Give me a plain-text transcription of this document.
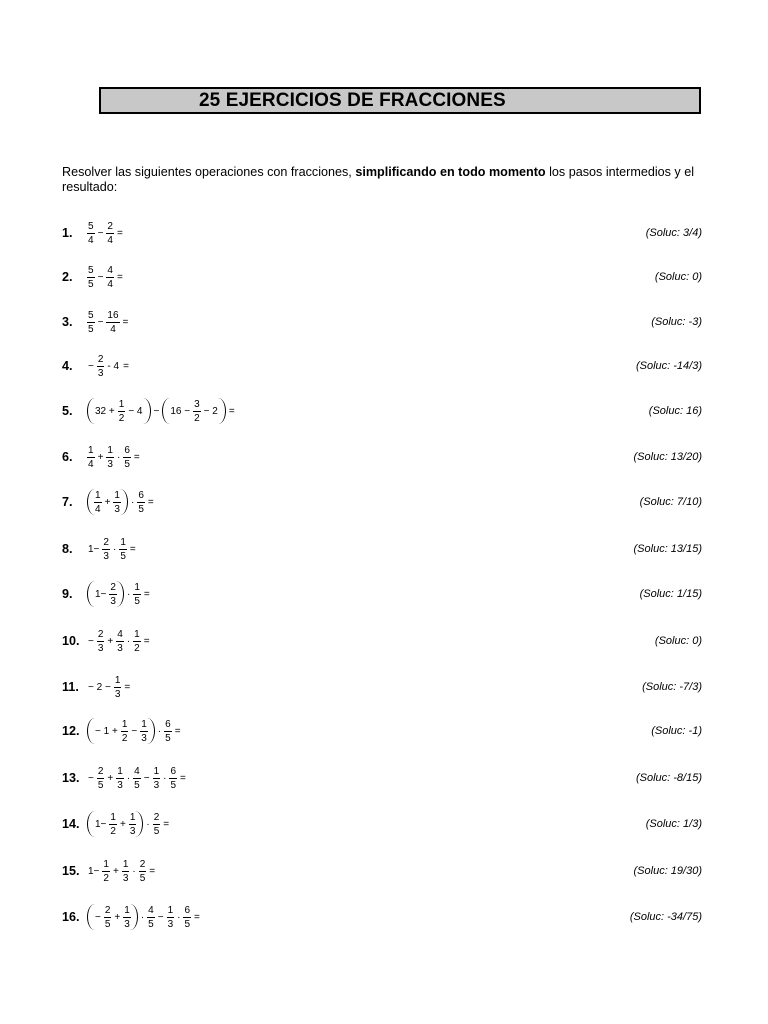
25 EJERCICIOS DE FRACCIONES
Resolver las siguientes operaciones con fracciones, simplificando en todo momento los pasos intermedios y el resultado:
1. $\frac{5}{4} - \frac{2}{4}$ =	(Soluc: 3/4)
2. $\frac{5}{5} - \frac{4}{4}$ =	(Soluc: 0)
3. $\frac{5}{5} - \frac{16}{4}$ =	(Soluc: -3)
4. − $\frac{2}{3} - 4$ =	(Soluc: -14/3)
5. $32 + \frac{1}{2} - 4 - 16 - \frac{3}{2} - 2$ =	(Soluc: 16)
6. $\frac{1}{4} + \frac{1}{3} \cdot \frac{6}{5}$ =	(Soluc: 13/20)
7. $\frac{1}{4} + \frac{1}{3} \cdot \frac{6}{5}$ =	(Soluc: 7/10)
8. $1- \frac{2}{3} \cdot \frac{1}{5}$ =	(Soluc: 13/15)
9. $1- \frac{2}{3} \cdot \frac{1}{5}$ =	(Soluc: 1/15)
10. − $\frac{2}{3} + \frac{4}{3} \cdot \frac{1}{2}$ =	(Soluc: 0)
11. − $2 - \frac{1}{3}$ =	(Soluc: -7/3)
12. − $1 + \frac{1}{2} - \frac{1}{3} \cdot \frac{6}{5}$ =	(Soluc: -1)
13. − $\frac{2}{5} + \frac{1}{3} \cdot \frac{4}{5} - \frac{1}{3} \cdot \frac{6}{5}$ =	(Soluc: -8/15)
14. $1- \frac{1}{2} + \frac{1}{3} \cdot \frac{2}{5}$ =	(Soluc: 1/3)
15. $1- \frac{1}{2} + \frac{1}{3} \cdot \frac{2}{5}$ =	(Soluc: 19/30)
16. − $\frac{2}{5} + \frac{1}{3} \cdot \frac{4}{5} - \frac{1}{3} \cdot \frac{6}{5}$ =	(Soluc: -34/75)
